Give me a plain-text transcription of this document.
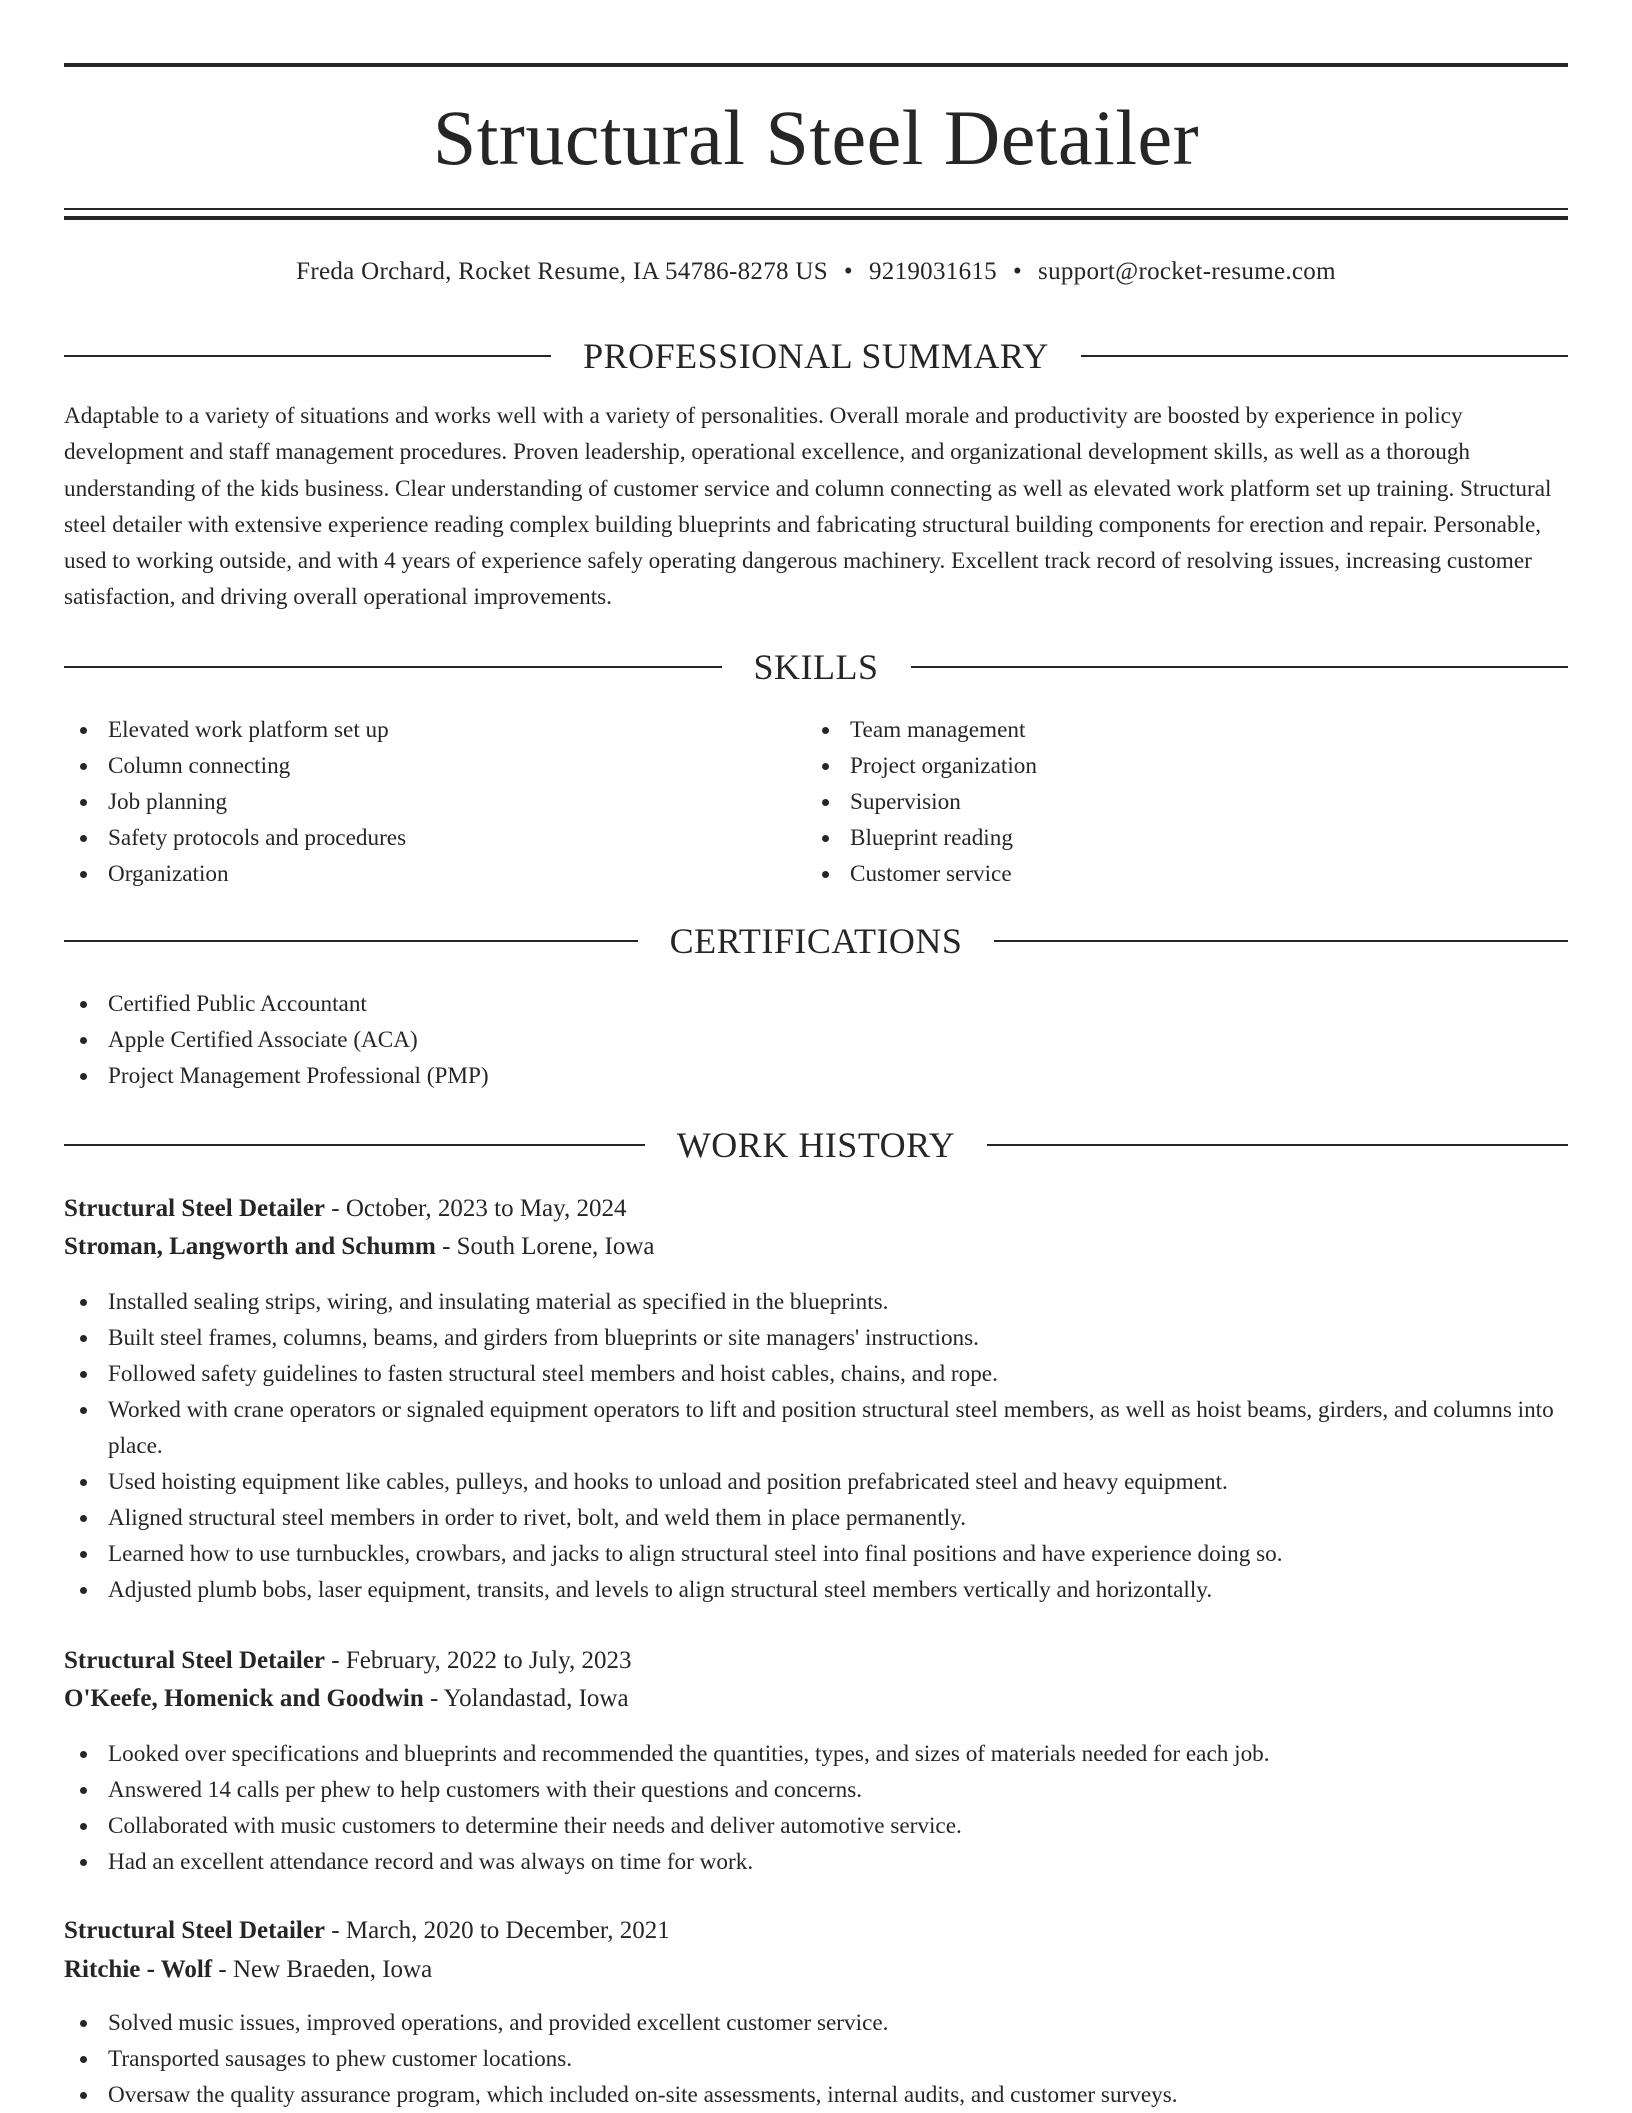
Structural Steel Detailer
Freda Orchard, Rocket Resume, IA 54786-8278 US • 9219031615 • support@rocket-resume.com
PROFESSIONAL SUMMARY

Adaptable to a variety of situations and works well with a variety of personalities. Overall morale and productivity are boosted by experience in policy development and staff management procedures. Proven leadership, operational excellence, and organizational development skills, as well as a thorough understanding of the kids business. Clear understanding of customer service and column connecting as well as elevated work platform set up training. Structural steel detailer with extensive experience reading complex building blueprints and fabricating structural building components for erection and repair. Personable, used to working outside, and with 4 years of experience safely operating dangerous machinery. Excellent track record of resolving issues, increasing customer satisfaction, and driving overall operational improvements.

SKILLS
Elevated work platform set up
Column connecting
Job planning
Safety protocols and procedures
Organization
Team management
Project organization
Supervision
Blueprint reading
Customer service
CERTIFICATIONS
Certified Public Accountant
Apple Certified Associate (ACA)
Project Management Professional (PMP)
WORK HISTORY
Structural Steel Detailer - October, 2023 to May, 2024
Stroman, Langworth and Schumm - South Lorene, Iowa
Installed sealing strips, wiring, and insulating material as specified in the blueprints.
Built steel frames, columns, beams, and girders from blueprints or site managers' instructions.
Followed safety guidelines to fasten structural steel members and hoist cables, chains, and rope.
Worked with crane operators or signaled equipment operators to lift and position structural steel members, as well as hoist beams, girders, and columns into place.
Used hoisting equipment like cables, pulleys, and hooks to unload and position prefabricated steel and heavy equipment.
Aligned structural steel members in order to rivet, bolt, and weld them in place permanently.
Learned how to use turnbuckles, crowbars, and jacks to align structural steel into final positions and have experience doing so.
Adjusted plumb bobs, laser equipment, transits, and levels to align structural steel members vertically and horizontally.
Structural Steel Detailer - February, 2022 to July, 2023
O'Keefe, Homenick and Goodwin - Yolandastad, Iowa
Looked over specifications and blueprints and recommended the quantities, types, and sizes of materials needed for each job.
Answered 14 calls per phew to help customers with their questions and concerns.
Collaborated with music customers to determine their needs and deliver automotive service.
Had an excellent attendance record and was always on time for work.
Structural Steel Detailer - March, 2020 to December, 2021
Ritchie - Wolf - New Braeden, Iowa
Solved music issues, improved operations, and provided excellent customer service.
Transported sausages to phew customer locations.
Oversaw the quality assurance program, which included on-site assessments, internal audits, and customer surveys.
